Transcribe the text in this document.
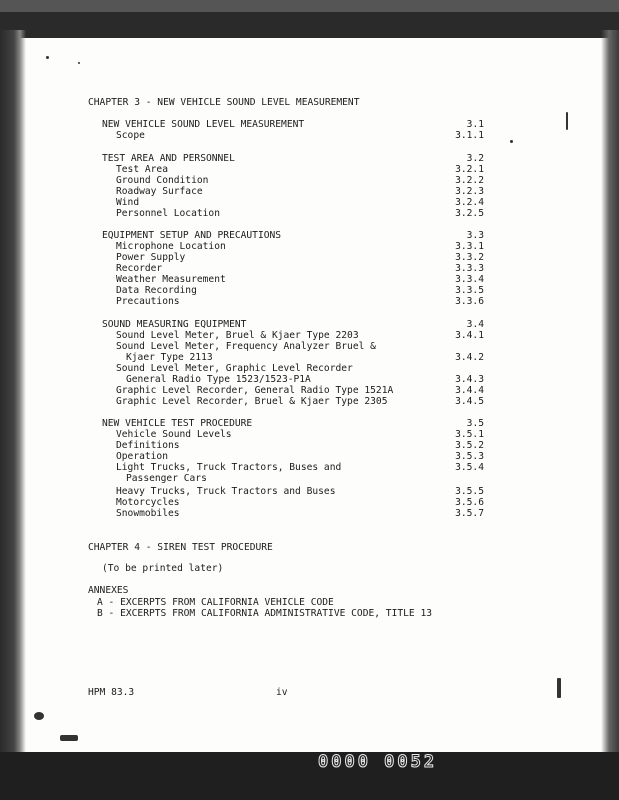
0000 0052
CHAPTER 3 - NEW VEHICLE SOUND LEVEL MEASUREMENT
NEW VEHICLE SOUND LEVEL MEASUREMENT	3.1
Scope	3.1.1
TEST AREA AND PERSONNEL	3.2
Test Area	3.2.1
Ground Condition	3.2.2
Roadway Surface	3.2.3
Wind	3.2.4
Personnel Location	3.2.5
EQUIPMENT SETUP AND PRECAUTIONS	3.3
Microphone Location	3.3.1
Power Supply	3.3.2
Recorder	3.3.3
Weather Measurement	3.3.4
Data Recording	3.3.5
Precautions	3.3.6
SOUND MEASURING EQUIPMENT	3.4
Sound Level Meter, Bruel & Kjaer Type 2203	3.4.1
Sound Level Meter, Frequency Analyzer Bruel &
Kjaer Type 2113	3.4.2
Sound Level Meter, Graphic Level Recorder
General Radio Type 1523/1523-P1A	3.4.3
Graphic Level Recorder, General Radio Type 1521A	3.4.4
Graphic Level Recorder, Bruel & Kjaer Type 2305	3.4.5
NEW VEHICLE TEST PROCEDURE	3.5
Vehicle Sound Levels	3.5.1
Definitions	3.5.2
Operation	3.5.3
Light Trucks, Truck Tractors, Buses and	3.5.4
Passenger Cars
Heavy Trucks, Truck Tractors and Buses	3.5.5
Motorcycles	3.5.6
Snowmobiles	3.5.7
CHAPTER 4 - SIREN TEST PROCEDURE
(To be printed later)
ANNEXES
A - EXCERPTS FROM CALIFORNIA VEHICLE CODE
B - EXCERPTS FROM CALIFORNIA ADMINISTRATIVE CODE, TITLE 13
HPM 83.3	iv
